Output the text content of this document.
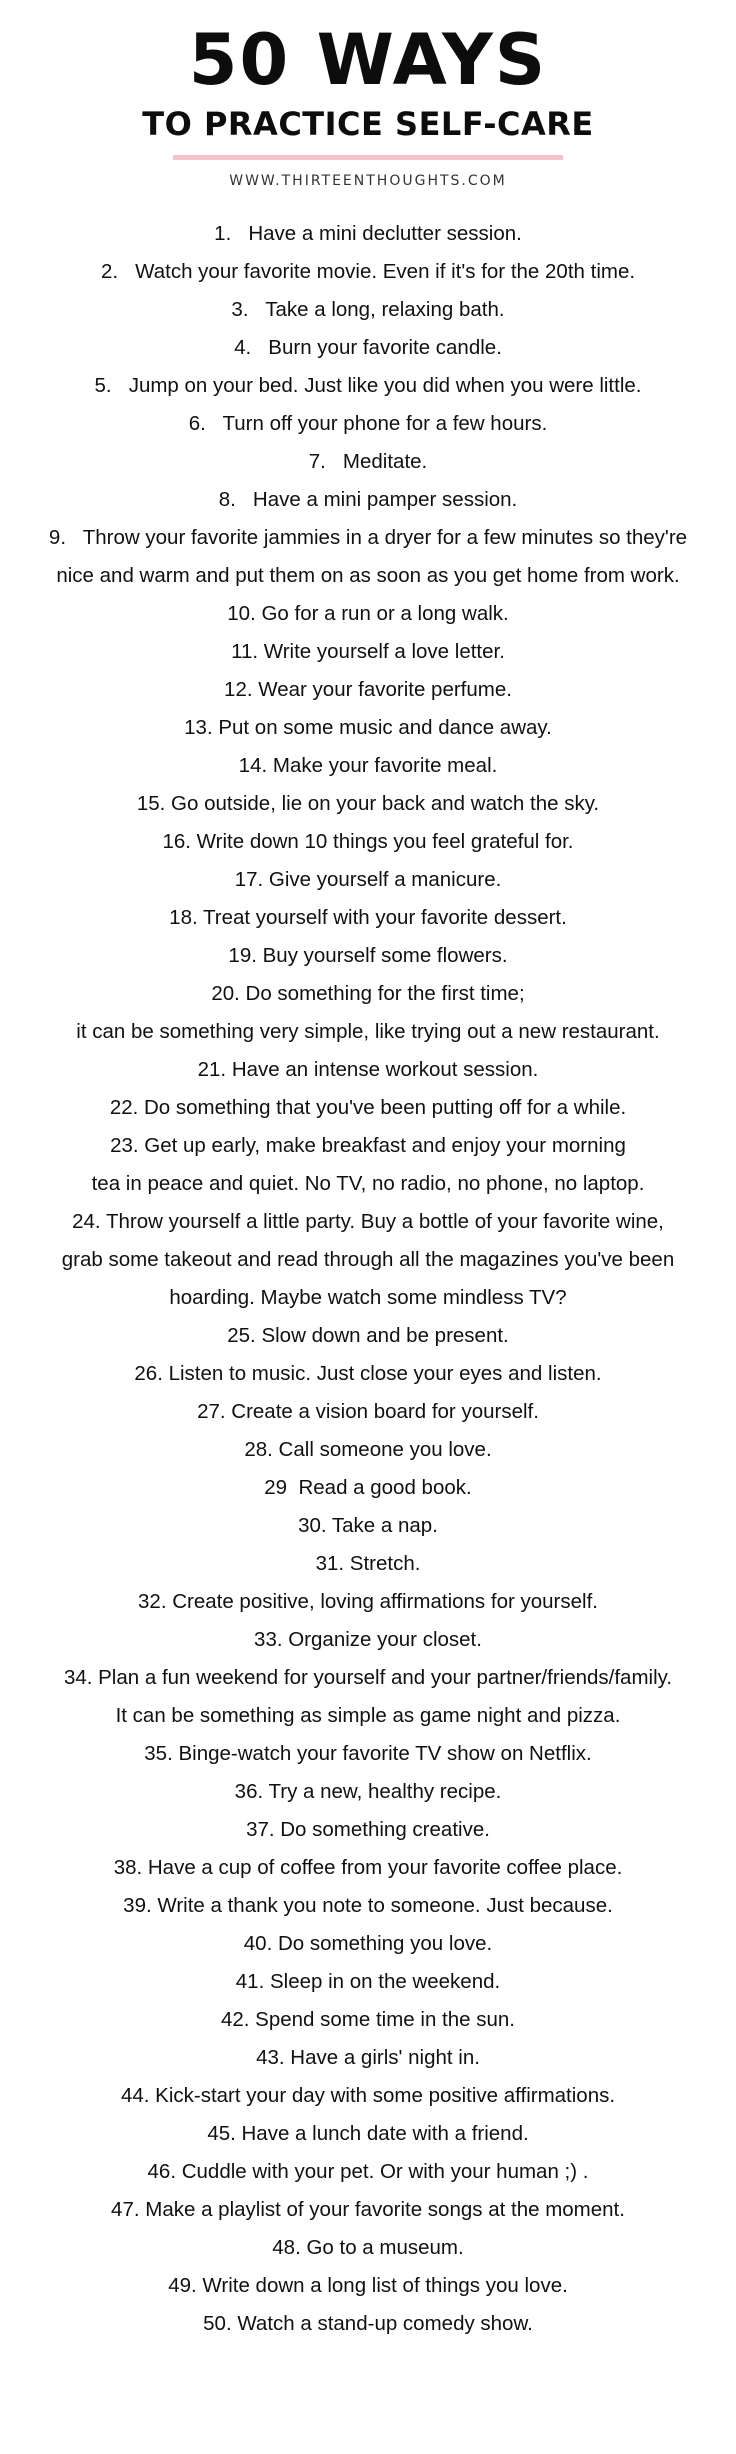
50 WAYS
TO PRACTICE SELF-CARE
WWW.THIRTEENTHOUGHTS.COM
1.   Have a mini declutter session.
2.   Watch your favorite movie. Even if it's for the 20th time.
3.   Take a long, relaxing bath.
4.   Burn your favorite candle.
5.   Jump on your bed. Just like you did when you were little.
6.   Turn off your phone for a few hours.
7.   Meditate.
8.   Have a mini pamper session.
9.   Throw your favorite jammies in a dryer for a few minutes so they're
nice and warm and put them on as soon as you get home from work.
10. Go for a run or a long walk.
11. Write yourself a love letter.
12. Wear your favorite perfume.
13. Put on some music and dance away.
14. Make your favorite meal.
15. Go outside, lie on your back and watch the sky.
16. Write down 10 things you feel grateful for.
17. Give yourself a manicure.
18. Treat yourself with your favorite dessert.
19. Buy yourself some flowers.
20. Do something for the first time;
it can be something very simple, like trying out a new restaurant.
21. Have an intense workout session.
22. Do something that you've been putting off for a while.
23. Get up early, make breakfast and enjoy your morning
tea in peace and quiet. No TV, no radio, no phone, no laptop.
24. Throw yourself a little party. Buy a bottle of your favorite wine,
grab some takeout and read through all the magazines you've been
hoarding. Maybe watch some mindless TV?
25. Slow down and be present.
26. Listen to music. Just close your eyes and listen.
27. Create a vision board for yourself.
28. Call someone you love.
29  Read a good book.
30. Take a nap.
31. Stretch.
32. Create positive, loving affirmations for yourself.
33. Organize your closet.
34. Plan a fun weekend for yourself and your partner/friends/family.
It can be something as simple as game night and pizza.
35. Binge-watch your favorite TV show on Netflix.
36. Try a new, healthy recipe.
37. Do something creative.
38. Have a cup of coffee from your favorite coffee place.
39. Write a thank you note to someone. Just because.
40. Do something you love.
41. Sleep in on the weekend.
42. Spend some time in the sun.
43. Have a girls' night in.
44. Kick-start your day with some positive affirmations.
45. Have a lunch date with a friend.
46. Cuddle with your pet. Or with your human ;) .
47. Make a playlist of your favorite songs at the moment.
48. Go to a museum.
49. Write down a long list of things you love.
50. Watch a stand-up comedy show.
